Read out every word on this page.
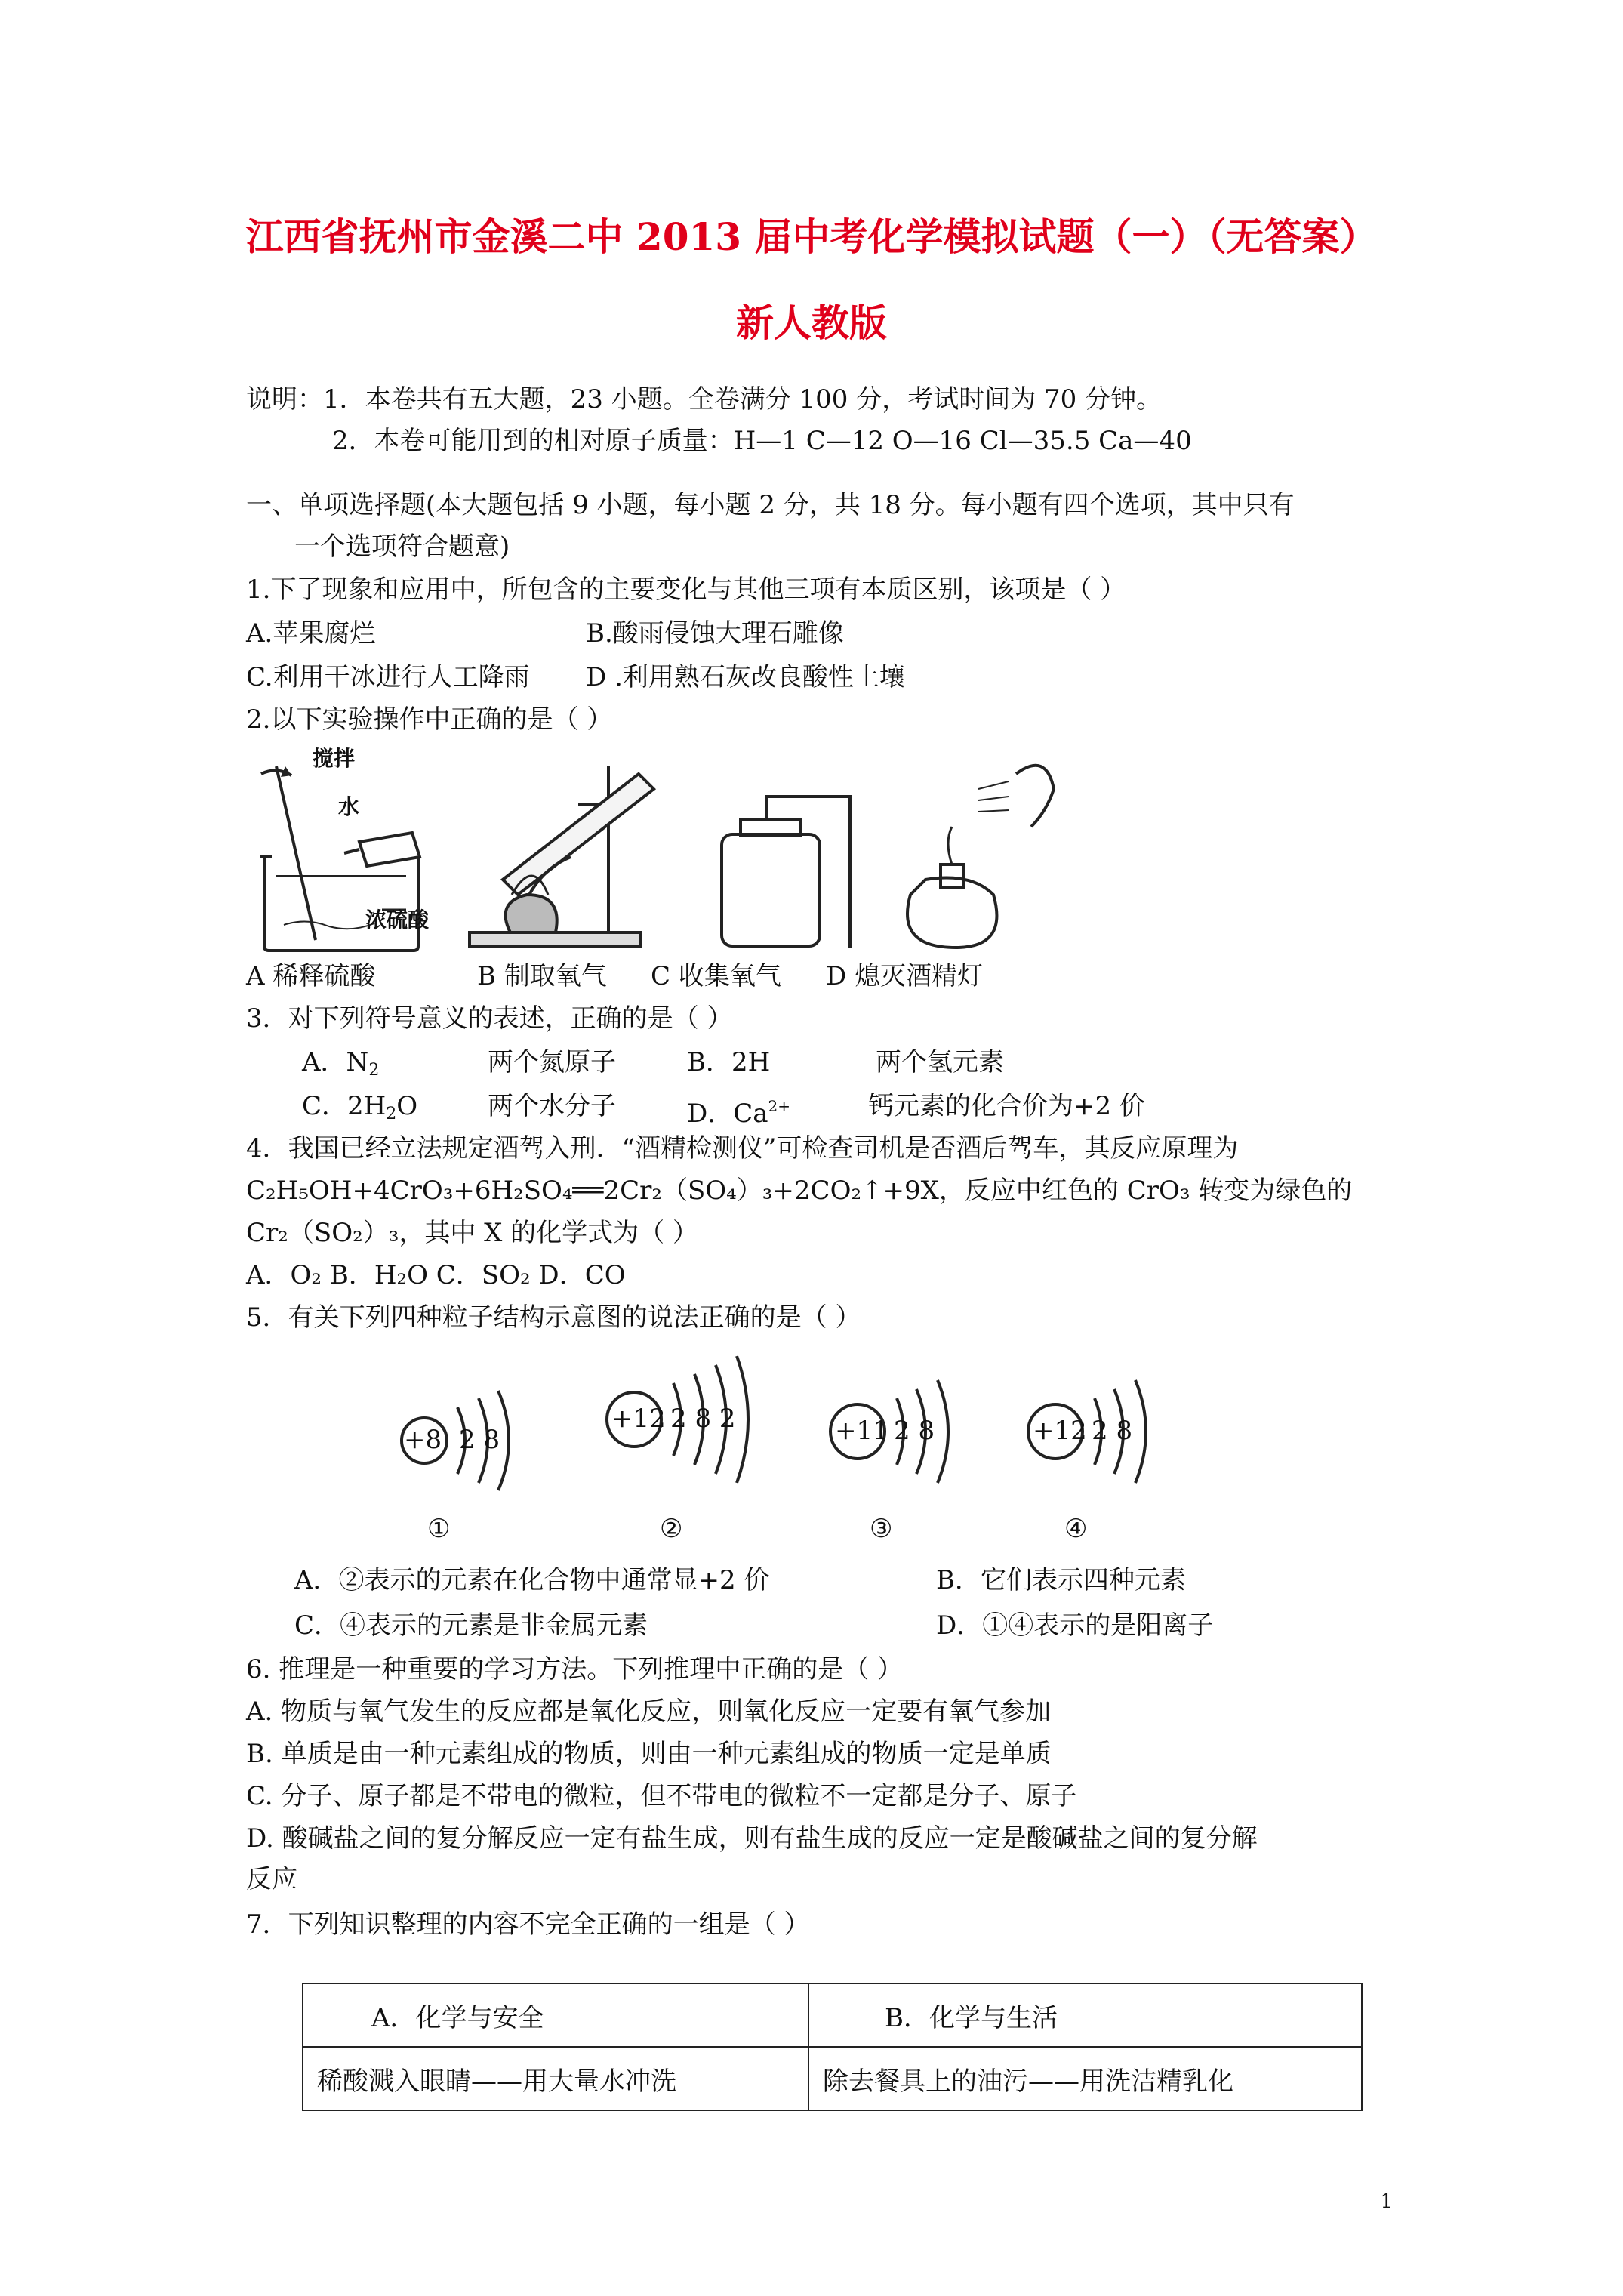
江西省抚州市金溪二中 2013 届中考化学模拟试题（一）（无答案）
新人教版
说明：1．本卷共有五大题，23 小题。全卷满分 100 分，考试时间为 70 分钟。
2．本卷可能用到的相对原子质量：H—1 C—12 O—16 Cl—35.5 Ca—40
一、单项选择题(本大题包括 9 小题，每小题 2 分，共 18 分。每小题有四个选项，其中只有
一个选项符合题意)
1.下了现象和应用中，所包含的主要变化与其他三项有本质区别，该项是（ ）
A.苹果腐烂	B.酸雨侵蚀大理石雕像
C.利用干冰进行人工降雨 D .利用熟石灰改良酸性土壤
2.以下实验操作中正确的是（ ）
搅拌
水
浓硫酸
A 稀释硫酸	B 制取氧气 C 收集氧气 D 熄灭酒精灯
3．对下列符号意义的表述，正确的是（ ）
A．$N_2$	两个氮原子	B．2H	两个氢元素
C．$2H_2O$	两个水分子	D．$Ca^{2+}$	钙元素的化合价为+2 价
4．我国已经立法规定酒驾入刑．“酒精检测仪”可检查司机是否酒后驾车，其反应原理为
C₂H₅OH+4CrO₃+6H₂SO₄══2Cr₂（SO₄）₃+2CO₂↑+9X，反应中红色的 CrO₃ 转变为绿色的
Cr₂（SO₂）₃，其中 X 的化学式为（ ）
A．O₂ B．H₂O C．SO₂ D．CO
5．有关下列四种粒子结构示意图的说法正确的是（ ）
+8 2 8
+12 2 8 2	+11 2 8	+12 2 8
①	②	③	④
A．②表示的元素在化合物中通常显+2 价	B．它们表示四种元素
C．④表示的元素是非金属元素	D．①④表示的是阳离子
6. 推理是一种重要的学习方法。下列推理中正确的是（ ）
A. 物质与氧气发生的反应都是氧化反应，则氧化反应一定要有氧气参加
B. 单质是由一种元素组成的物质，则由一种元素组成的物质一定是单质
C. 分子、原子都是不带电的微粒，但不带电的微粒不一定都是分子、原子
D. 酸碱盐之间的复分解反应一定有盐生成，则有盐生成的反应一定是酸碱盐之间的复分解
反应
7．下列知识整理的内容不完全正确的一组是（ ）
A．化学与安全	B．化学与生活
稀酸溅入眼睛——用大量水冲洗	除去餐具上的油污——用洗洁精乳化
1
